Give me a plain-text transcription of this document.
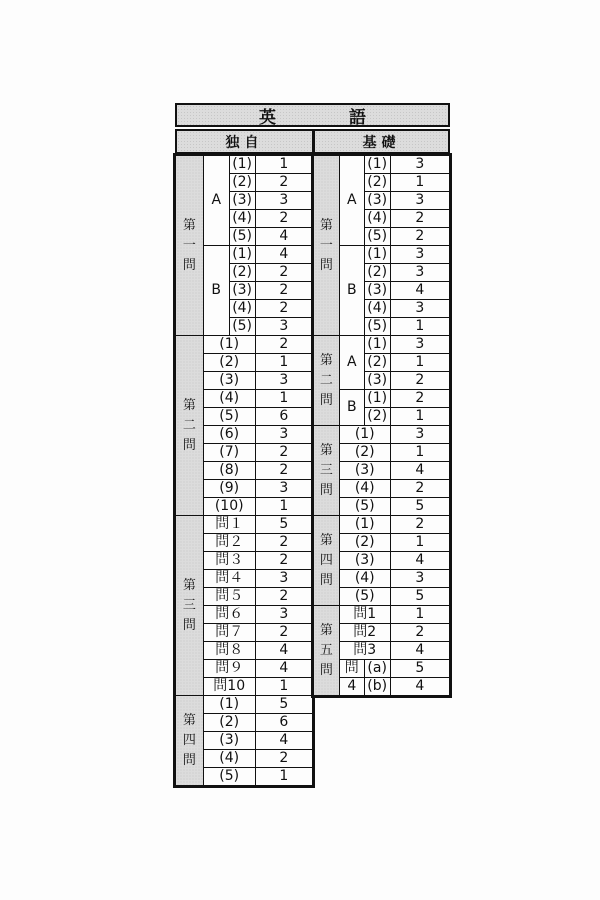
英　語
独自	基礎
第
一
問	A	(1)	1
		(2)	2
		(3)	3
		(4)	2
		(5)	4
	B	(1)	4
		(2)	2
		(3)	2
		(4)	2
		(5)	3

第
二
問	(1)		2
	(2)		1
	(3)		3
	(4)		1
	(5)		6
	(6)		3
	(7)		2
	(8)		2
	(9)		3
	(10)		1

第
三
問	問１		5
	問２		2
	問３		2
	問４		3
	問５		2
	問６		3
	問７		2
	問８		4
	問９		4
	問10		1

第
四
問	(1)		5
	(2)		6
	(3)		4
	(4)		2
	(5)		1
第
一
問	A	(1)	3
		(2)	1
		(3)	3
		(4)	2
		(5)	2
	B	(1)	3
		(2)	3
		(3)	4
		(4)	3
		(5)	1

第
二
問	A	(1)	3
		(2)	1
		(3)	2
	B	(1)	2
		(2)	1

第
三
問	(1)		3
	(2)		1
	(3)		4
	(4)		2
	(5)		5

第
四
問	(1)		2
	(2)		1
	(3)		4
	(4)		3
	(5)		5

第
五
問	問1		1
	問2		2
	問3		4
	問	(a)	5
	4	(b)	4
